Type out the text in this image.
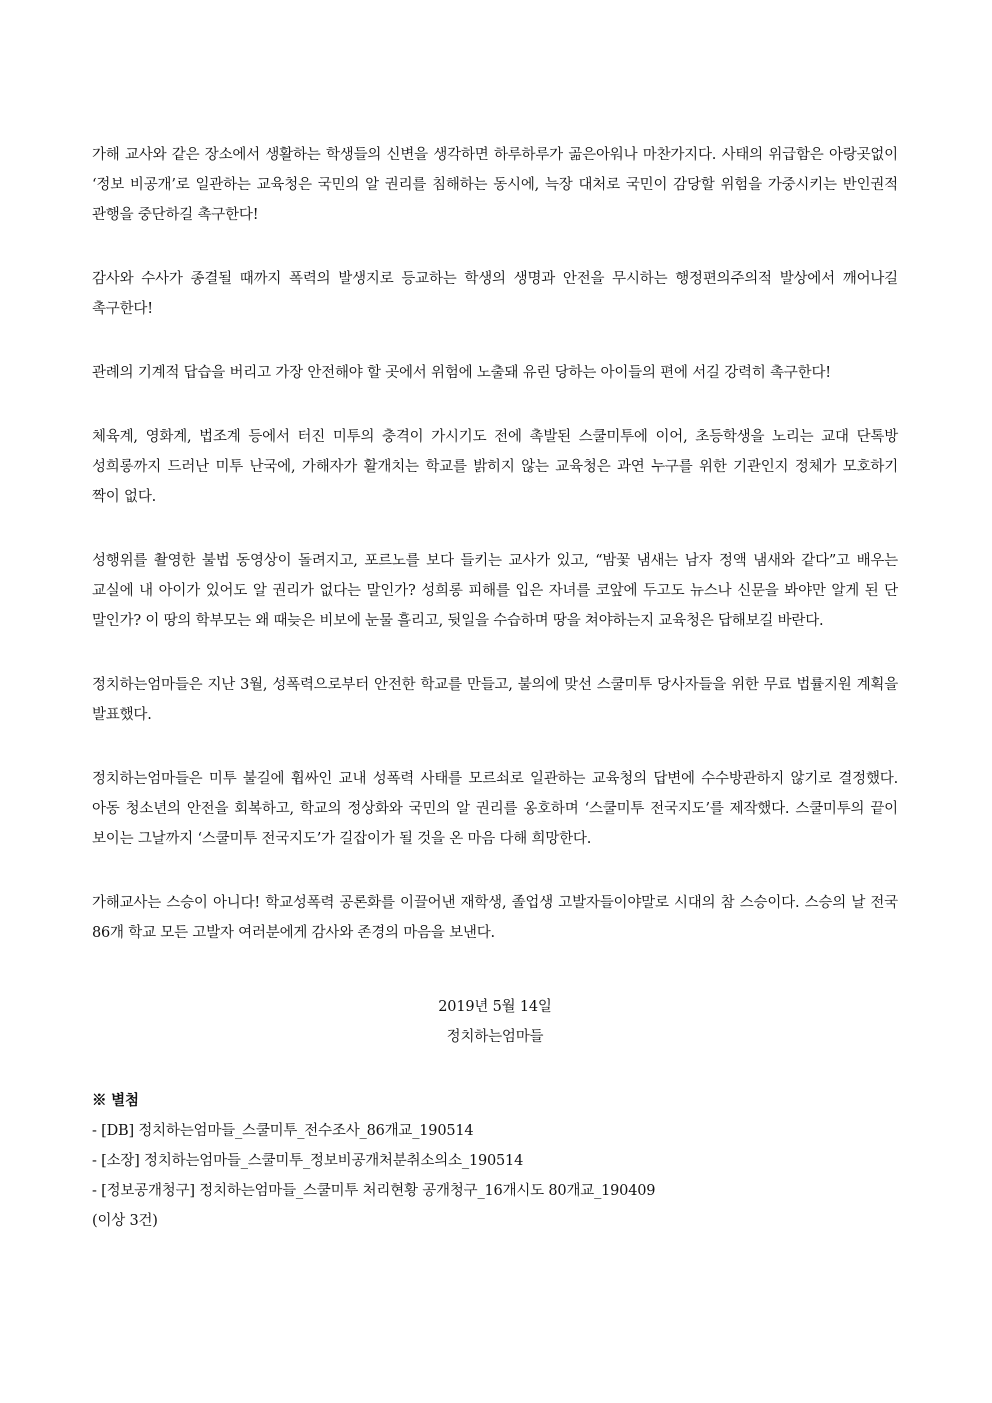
가해 교사와 같은 장소에서 생활하는 학생들의 신변을 생각하면 하루하루가 곪은아워나 마찬가지다. 사태의 위급함은 아랑곳없이 ‘정보 비공개’로 일관하는 교육청은 국민의 알 권리를 침해하는 동시에, 늑장 대처로 국민이 감당할 위험을 가중시키는 반인권적 관행을 중단하길 촉구한다!

감사와 수사가 종결될 때까지 폭력의 발생지로 등교하는 학생의 생명과 안전을 무시하는 행정편의주의적 발상에서 깨어나길 촉구한다!

관례의 기계적 답습을 버리고 가장 안전해야 할 곳에서 위험에 노출돼 유린 당하는 아이들의 편에 서길 강력히 촉구한다!

체육계, 영화계, 법조계 등에서 터진 미투의 충격이 가시기도 전에 촉발된 스쿨미투에 이어, 초등학생을 노리는 교대 단톡방 성희롱까지 드러난 미투 난국에, 가해자가 활개치는 학교를 밝히지 않는 교육청은 과연 누구를 위한 기관인지 정체가 모호하기 짝이 없다.

성행위를 촬영한 불법 동영상이 돌려지고, 포르노를 보다 들키는 교사가 있고, “밤꽃 냄새는 남자 정액 냄새와 같다”고 배우는 교실에 내 아이가 있어도 알 권리가 없다는 말인가? 성희롱 피해를 입은 자녀를 코앞에 두고도 뉴스나 신문을 봐야만 알게 된 단 말인가? 이 땅의 학부모는 왜 때늦은 비보에 눈물 흘리고, 뒷일을 수습하며 땅을 쳐야하는지 교육청은 답해보길 바란다.

정치하는엄마들은 지난 3월, 성폭력으로부터 안전한 학교를 만들고, 불의에 맞선 스쿨미투 당사자들을 위한 무료 법률지원 계획을 발표했다.

정치하는엄마들은 미투 불길에 휩싸인 교내 성폭력 사태를 모르쇠로 일관하는 교육청의 답변에 수수방관하지 않기로 결정했다. 아동 청소년의 안전을 회복하고, 학교의 정상화와 국민의 알 권리를 옹호하며 ‘스쿨미투 전국지도’를 제작했다. 스쿨미투의 끝이 보이는 그날까지 ‘스쿨미투 전국지도’가 길잡이가 될 것을 온 마음 다해 희망한다.

가해교사는 스승이 아니다! 학교성폭력 공론화를 이끌어낸 재학생, 졸업생 고발자들이야말로 시대의 참 스승이다. 스승의 날 전국 86개 학교 모든 고발자 여러분에게 감사와 존경의 마음을 보낸다.

2019년 5월 14일
정치하는엄마들
※ 별첨
- [DB] 정치하는엄마들_스쿨미투_전수조사_86개교_190514
- [소장] 정치하는엄마들_스쿨미투_정보비공개처분취소의소_190514
- [정보공개청구] 정치하는엄마들_스쿨미투 처리현황 공개청구_16개시도 80개교_190409
(이상 3건)
